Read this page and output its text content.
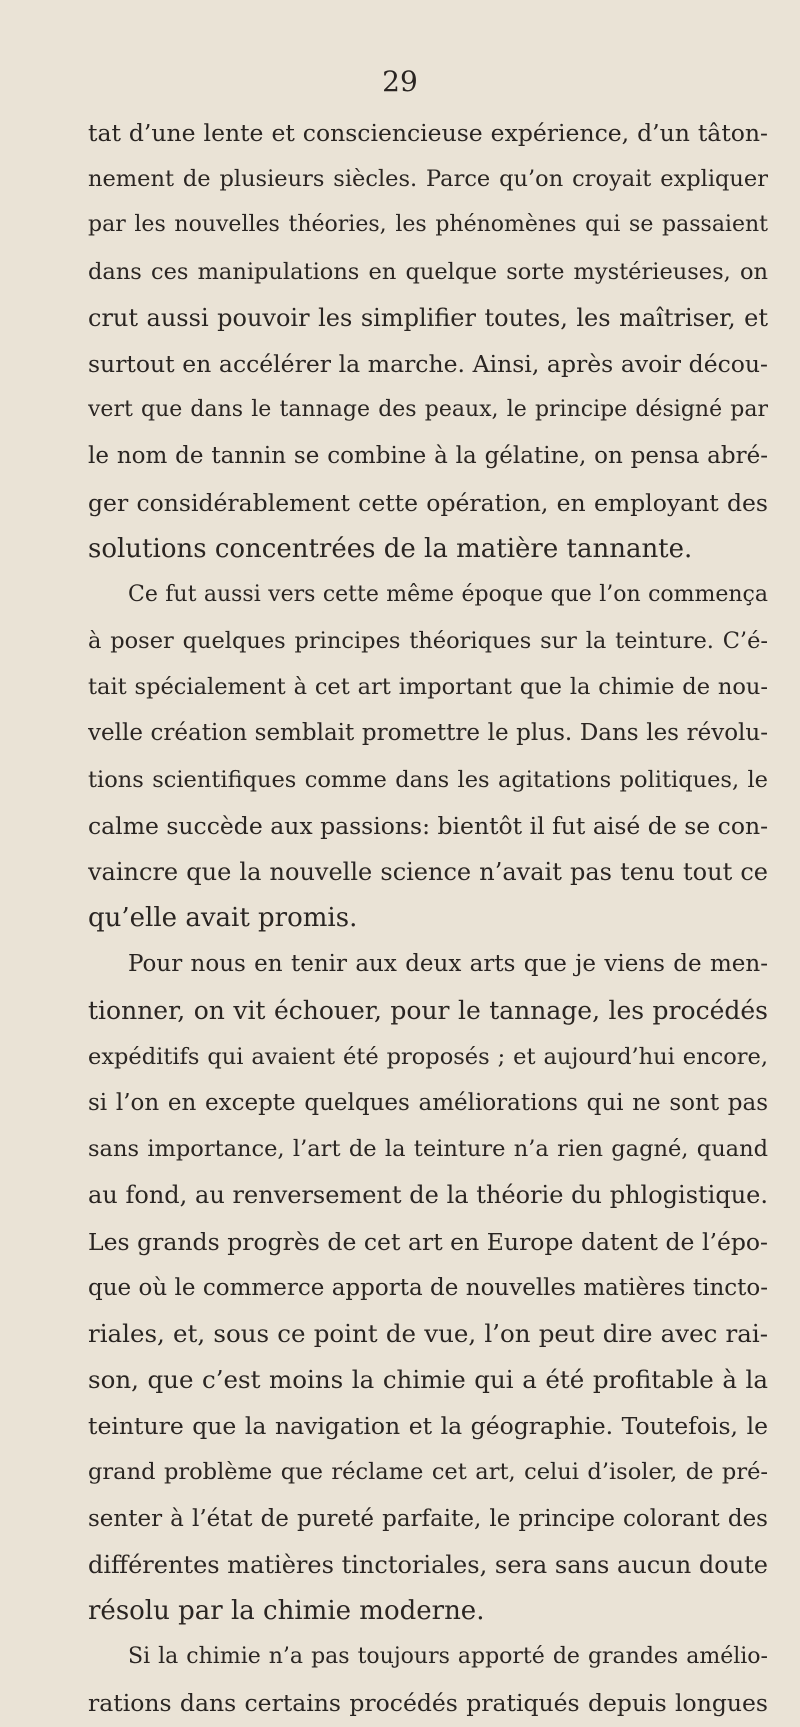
29
tat d’une lente et consciencieuse expérience, d’un tâton-
nement de plusieurs siècles. Parce qu’on croyait expliquer
par les nouvelles théories, les phénomènes qui se passaient
dans ces manipulations en quelque sorte mystérieuses, on
crut aussi pouvoir les simplifier toutes, les maîtriser, et
surtout en accélérer la marche. Ainsi, après avoir décou-
vert que dans le tannage des peaux, le principe désigné par
le nom de tannin se combine à la gélatine, on pensa abré-
ger considérablement cette opération, en employant des
solutions concentrées de la matière tannante.
Ce fut aussi vers cette même époque que l’on commença
à poser quelques principes théoriques sur la teinture. C’é-
tait spécialement à cet art important que la chimie de nou-
velle création semblait promettre le plus. Dans les révolu-
tions scientifiques comme dans les agitations politiques, le
calme succède aux passions: bientôt il fut aisé de se con-
vaincre que la nouvelle science n’avait pas tenu tout ce
qu’elle avait promis.
Pour nous en tenir aux deux arts que je viens de men-
tionner, on vit échouer, pour le tannage, les procédés
expéditifs qui avaient été proposés ; et aujourd’hui encore,
si l’on en excepte quelques améliorations qui ne sont pas
sans importance, l’art de la teinture n’a rien gagné, quand
au fond, au renversement de la théorie du phlogistique.
Les grands progrès de cet art en Europe datent de l’épo-
que où le commerce apporta de nouvelles matières tincto-
riales, et, sous ce point de vue, l’on peut dire avec rai-
son, que c’est moins la chimie qui a été profitable à la
teinture que la navigation et la géographie. Toutefois, le
grand problème que réclame cet art, celui d’isoler, de pré-
senter à l’état de pureté parfaite, le principe colorant des
différentes matières tinctoriales, sera sans aucun doute
résolu par la chimie moderne.
Si la chimie n’a pas toujours apporté de grandes amélio-
rations dans certains procédés pratiqués depuis longues
